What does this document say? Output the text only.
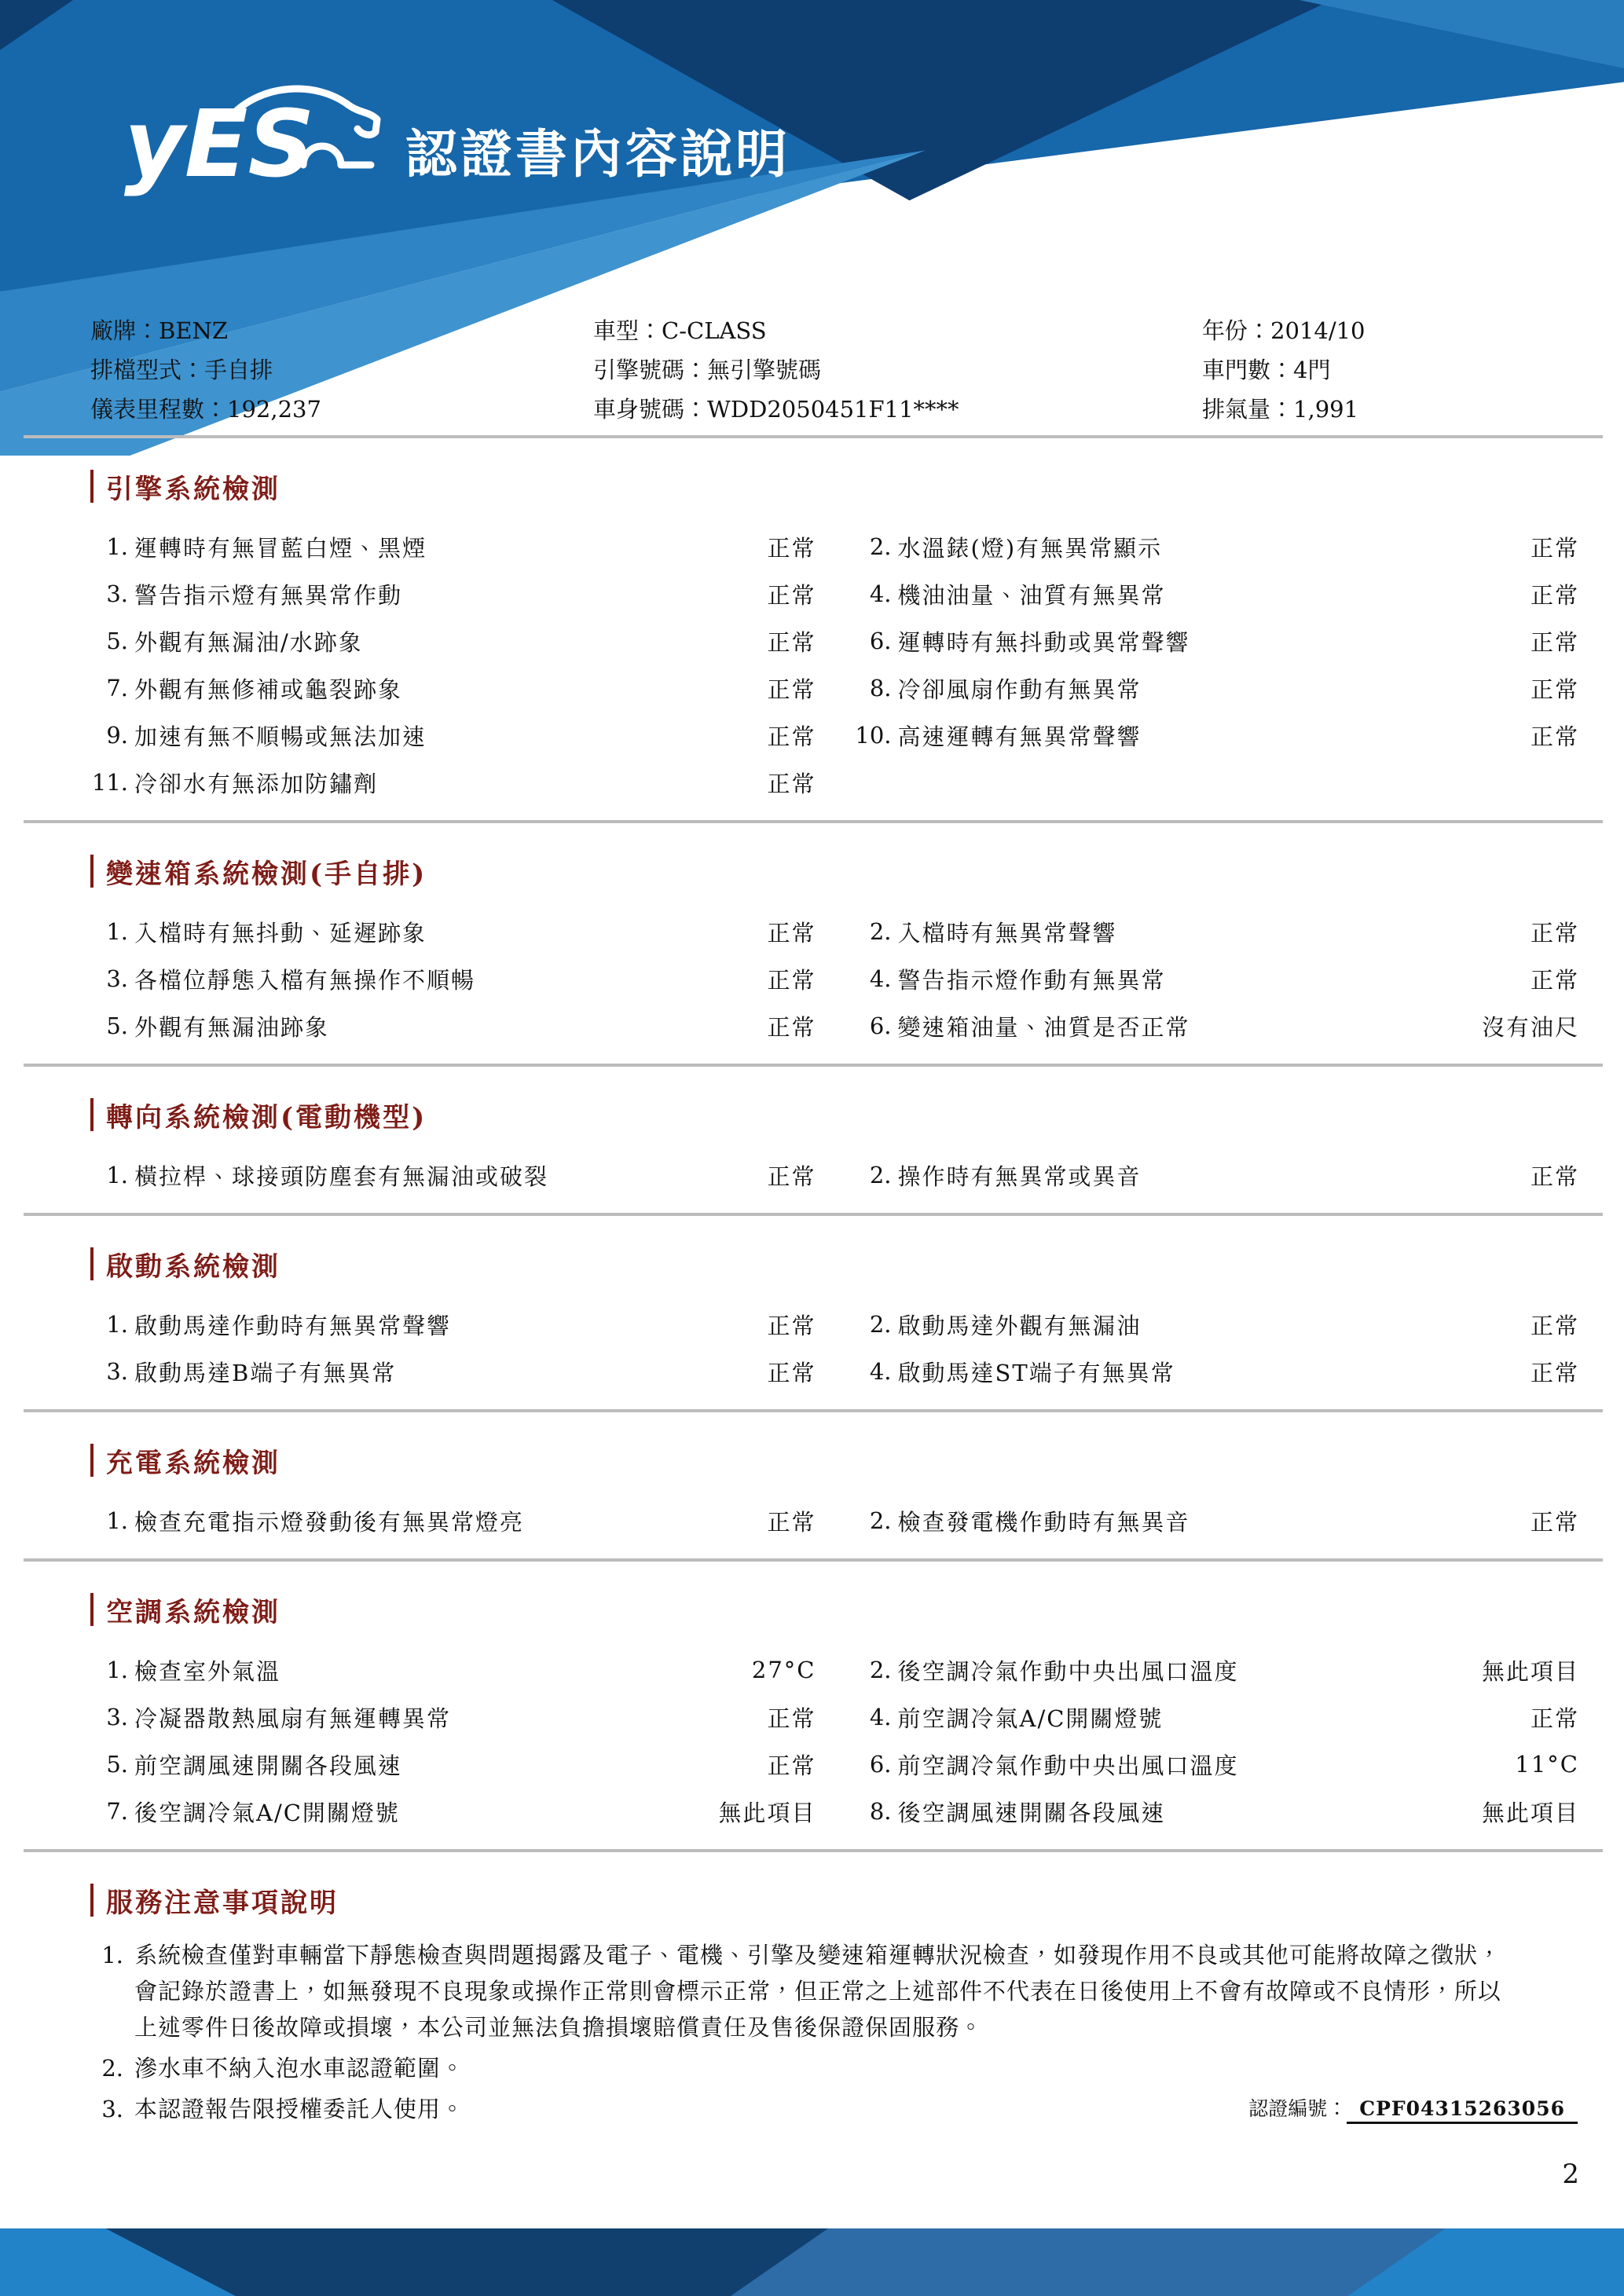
yES 認證書內容說明
廠牌：BENZ	車型：C-CLASS	年份：2014/10
排檔型式：手自排	引擎號碼：無引擎號碼	車門數：4門
儀表里程數：192,237	車身號碼：WDD2050451F11****	排氣量：1,991
引擎系統檢測
1. 運轉時有無冒藍白煙、黑煙	正常	2. 水溫錶(燈)有無異常顯示	正常
3. 警告指示燈有無異常作動	正常	4. 機油油量、油質有無異常	正常
5. 外觀有無漏油/水跡象	正常	6. 運轉時有無抖動或異常聲響	正常
7. 外觀有無修補或龜裂跡象	正常	8. 冷卻風扇作動有無異常	正常
9. 加速有無不順暢或無法加速	正常 10. 高速運轉有無異常聲響	正常
11. 冷卻水有無添加防鏽劑	正常
變速箱系統檢測(手自排)
1. 入檔時有無抖動、延遲跡象	正常	2. 入檔時有無異常聲響	正常
3. 各檔位靜態入檔有無操作不順暢	正常	4. 警告指示燈作動有無異常	正常
5. 外觀有無漏油跡象	正常	6. 變速箱油量、油質是否正常	沒有油尺
轉向系統檢測(電動機型)
1. 橫拉桿、球接頭防塵套有無漏油或破裂	正常	2. 操作時有無異常或異音	正常
啟動系統檢測
1. 啟動馬達作動時有無異常聲響	正常	2. 啟動馬達外觀有無漏油	正常
3. 啟動馬達B端子有無異常	正常	4. 啟動馬達ST端子有無異常	正常
充電系統檢測
1. 檢查充電指示燈發動後有無異常燈亮	正常	2. 檢查發電機作動時有無異音	正常
空調系統檢測
1. 檢查室外氣溫	27°C	2. 後空調冷氣作動中央出風口溫度	無此項目
3. 冷凝器散熱風扇有無運轉異常	正常	4. 前空調冷氣A/C開關燈號	正常
5. 前空調風速開關各段風速	正常	6. 前空調冷氣作動中央出風口溫度	11°C
7. 後空調冷氣A/C開關燈號	無此項目	8. 後空調風速開關各段風速	無此項目
服務注意事項說明
1. 系統檢查僅對車輛當下靜態檢查與問題揭露及電子、電機、引擎及變速箱運轉狀況檢查，如發現作用不良或其他可能將故障之徵狀，會記錄於證書上，如無發現不良現象或操作正常則會標示正常，但正常之上述部件不代表在日後使用上不會有故障或不良情形，所以上述零件日後故障或損壞，本公司並無法負擔損壞賠償責任及售後保證保固服務。
2. 滲水車不納入泡水車認證範圍。
3. 本認證報告限授權委託人使用。	認證編號： CPF04315263056
2
